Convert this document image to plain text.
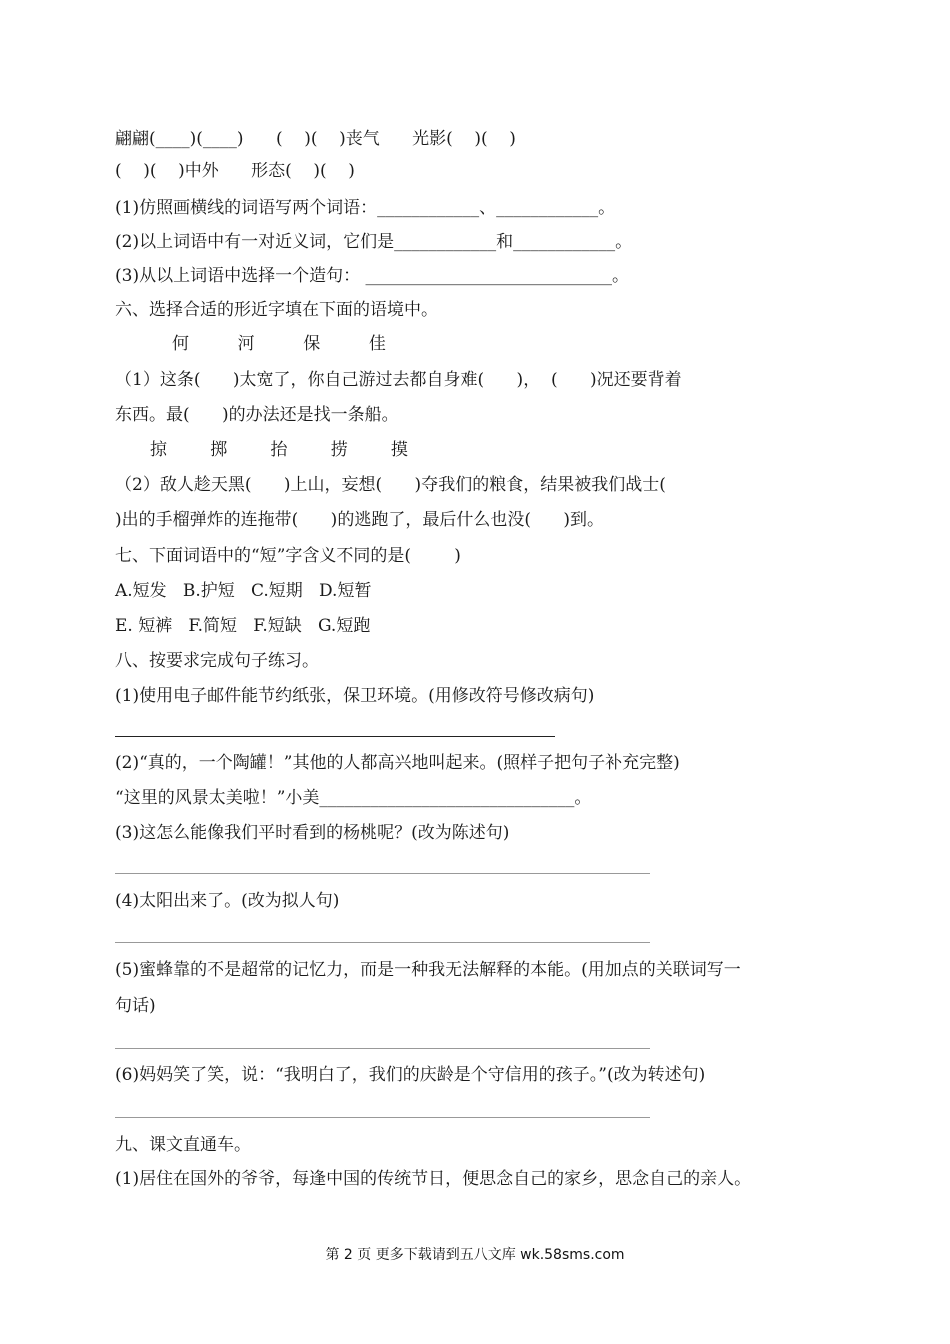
翩翩(____)(____)      (    )(    )丧气      光影(    )(    )
(    )(    )中外      形态(    )(    )
(1)仿照画横线的词语写两个词语：____________、____________。
(2)以上词语中有一对近义词，它们是____________和____________。
(3)从以上词语中选择一个造句： _____________________________。
六、选择合适的形近字填在下面的语境中。
何         河         保         佳
（1）这条(      )太宽了，你自己游过去都自身难(      )，  (      )况还要背着
东西。最(      )的办法还是找一条船。
掠        掷        抬        捞        摸
（2）敌人趁天黑(      )上山，妄想(      )夺我们的粮食，结果被我们战士(
)出的手榴弹炸的连拖带(      )的逃跑了，最后什么也没(      )到。
七、下面词语中的“短”字含义不同的是(        )
A.短发   B.护短   C.短期   D.短暂
E. 短裤   F.简短   F.短缺   G.短跑
八、按要求完成句子练习。
(1)使用电子邮件能节约纸张，保卫环境。(用修改符号修改病句)
(2)“真的，一个陶罐！”其他的人都高兴地叫起来。(照样子把句子补充完整)
“这里的风景太美啦！”小美______________________________。
(3)这怎么能像我们平时看到的杨桃呢？(改为陈述句)
(4)太阳出来了。(改为拟人句)
(5)蜜蜂靠的不是超常的记忆力，而是一种我无法解释的本能。(用加点的关联词写一
句话)
(6)妈妈笑了笑，说：“我明白了，我们的庆龄是个守信用的孩子。”(改为转述句)
九、课文直通车。
(1)居住在国外的爷爷，每逢中国的传统节日，便思念自己的家乡，思念自己的亲人。
第 2 页 更多下载请到五八文库 wk.58sms.com
